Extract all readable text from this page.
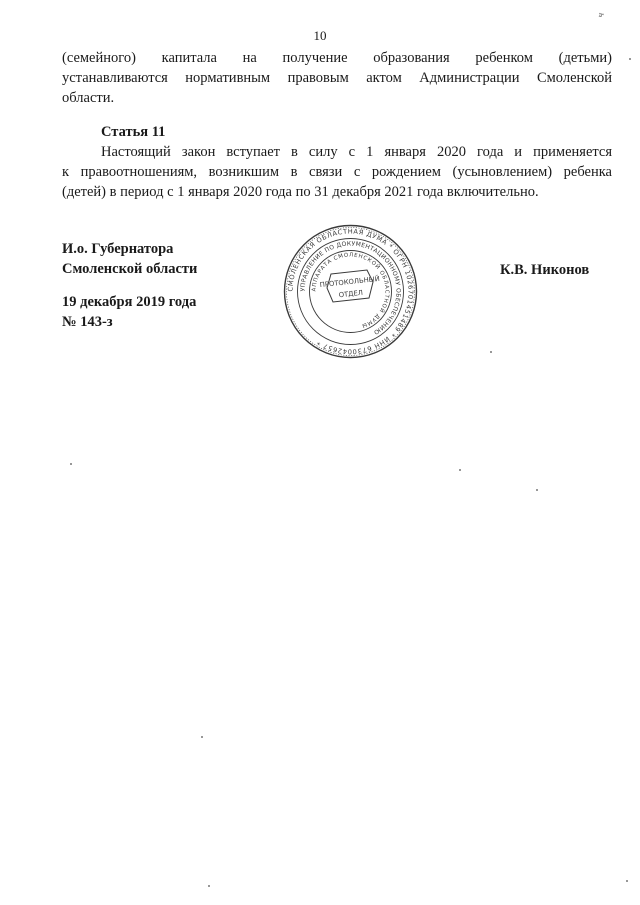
10
ч
(семейного) капитала на получение образования ребенком (детьми)
устанавливаются нормативным правовым актом Администрации Смоленской
области.
Статья 11
Настоящий закон вступает в силу с 1 января 2020 года и применяется
к правоотношениям, возникшим в связи с рождением (усыновлением) ребенка
(детей) в период с 1 января 2020 года по 31 декабря 2021 года включительно.
И.о. Губернатора
Смоленской области	К.В. Никонов
19 декабря 2019 года
№ 143-з
СМОЛЕНСКАЯ ОБЛАСТНАЯ ДУМА * ОГРН 1026701451489 * ИНН 6730042657 *
УПРАВЛЕНИЕ ПО ДОКУМЕНТАЦИОННОМУ ОБЕСПЕЧЕНИЮ
АППАРАТА СМОЛЕНСКОЙ ОБЛАСТНОЙ ДУМЫ
ПРОТОКОЛЬНЫЙ
ОТДЕЛ
